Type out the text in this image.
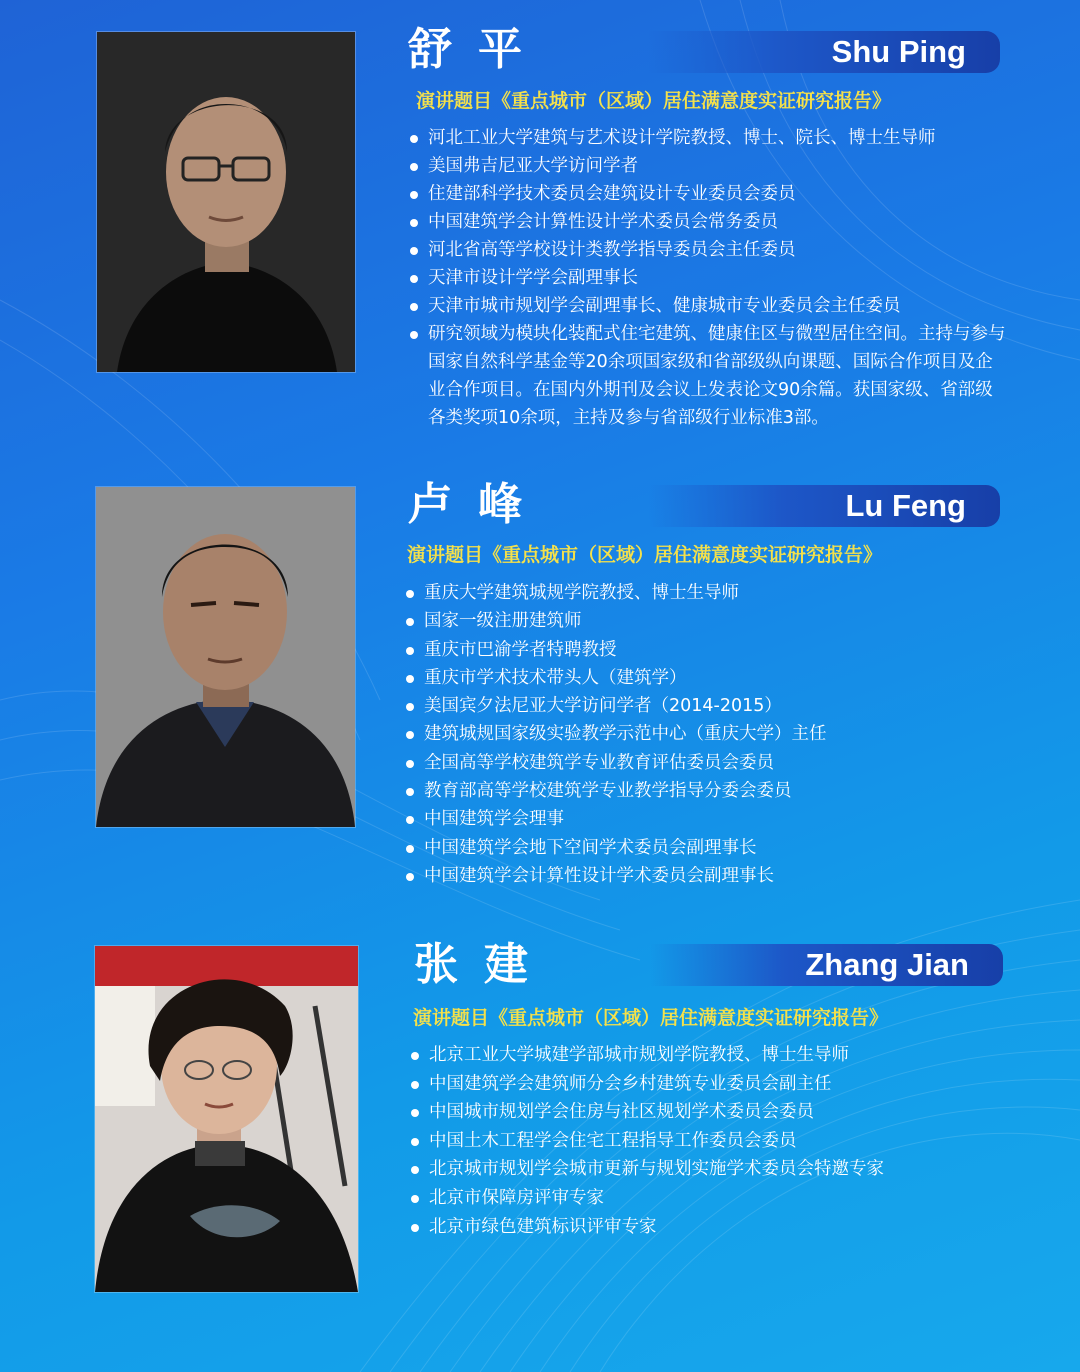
舒平	Shu Ping
演讲题目《重点城市（区域）居住满意度实证研究报告》
河北工业大学建筑与艺术设计学院教授、博士、院长、博士生导师
美国弗吉尼亚大学访问学者
住建部科学技术委员会建筑设计专业委员会委员
中国建筑学会计算性设计学术委员会常务委员
河北省高等学校设计类教学指导委员会主任委员
天津市设计学学会副理事长
天津市城市规划学会副理事长、健康城市专业委员会主任委员
研究领域为模块化装配式住宅建筑、健康住区与微型居住空间。主持与参与国家自然科学基金等20余项国家级和省部级纵向课题、国际合作项目及企业合作项目。在国内外期刊及会议上发表论文90余篇。获国家级、省部级各类奖项10余项，主持及参与省部级行业标准3部。
卢峰	Lu Feng
演讲题目《重点城市（区域）居住满意度实证研究报告》
重庆大学建筑城规学院教授、博士生导师
国家一级注册建筑师
重庆市巴渝学者特聘教授
重庆市学术技术带头人（建筑学）
美国宾夕法尼亚大学访问学者（2014-2015）
建筑城规国家级实验教学示范中心（重庆大学）主任
全国高等学校建筑学专业教育评估委员会委员
教育部高等学校建筑学专业教学指导分委会委员
中国建筑学会理事
中国建筑学会地下空间学术委员会副理事长
中国建筑学会计算性设计学术委员会副理事长
张建	Zhang Jian
演讲题目《重点城市（区域）居住满意度实证研究报告》
北京工业大学城建学部城市规划学院教授、博士生导师
中国建筑学会建筑师分会乡村建筑专业委员会副主任
中国城市规划学会住房与社区规划学术委员会委员
中国土木工程学会住宅工程指导工作委员会委员
北京城市规划学会城市更新与规划实施学术委员会特邀专家
北京市保障房评审专家
北京市绿色建筑标识评审专家
